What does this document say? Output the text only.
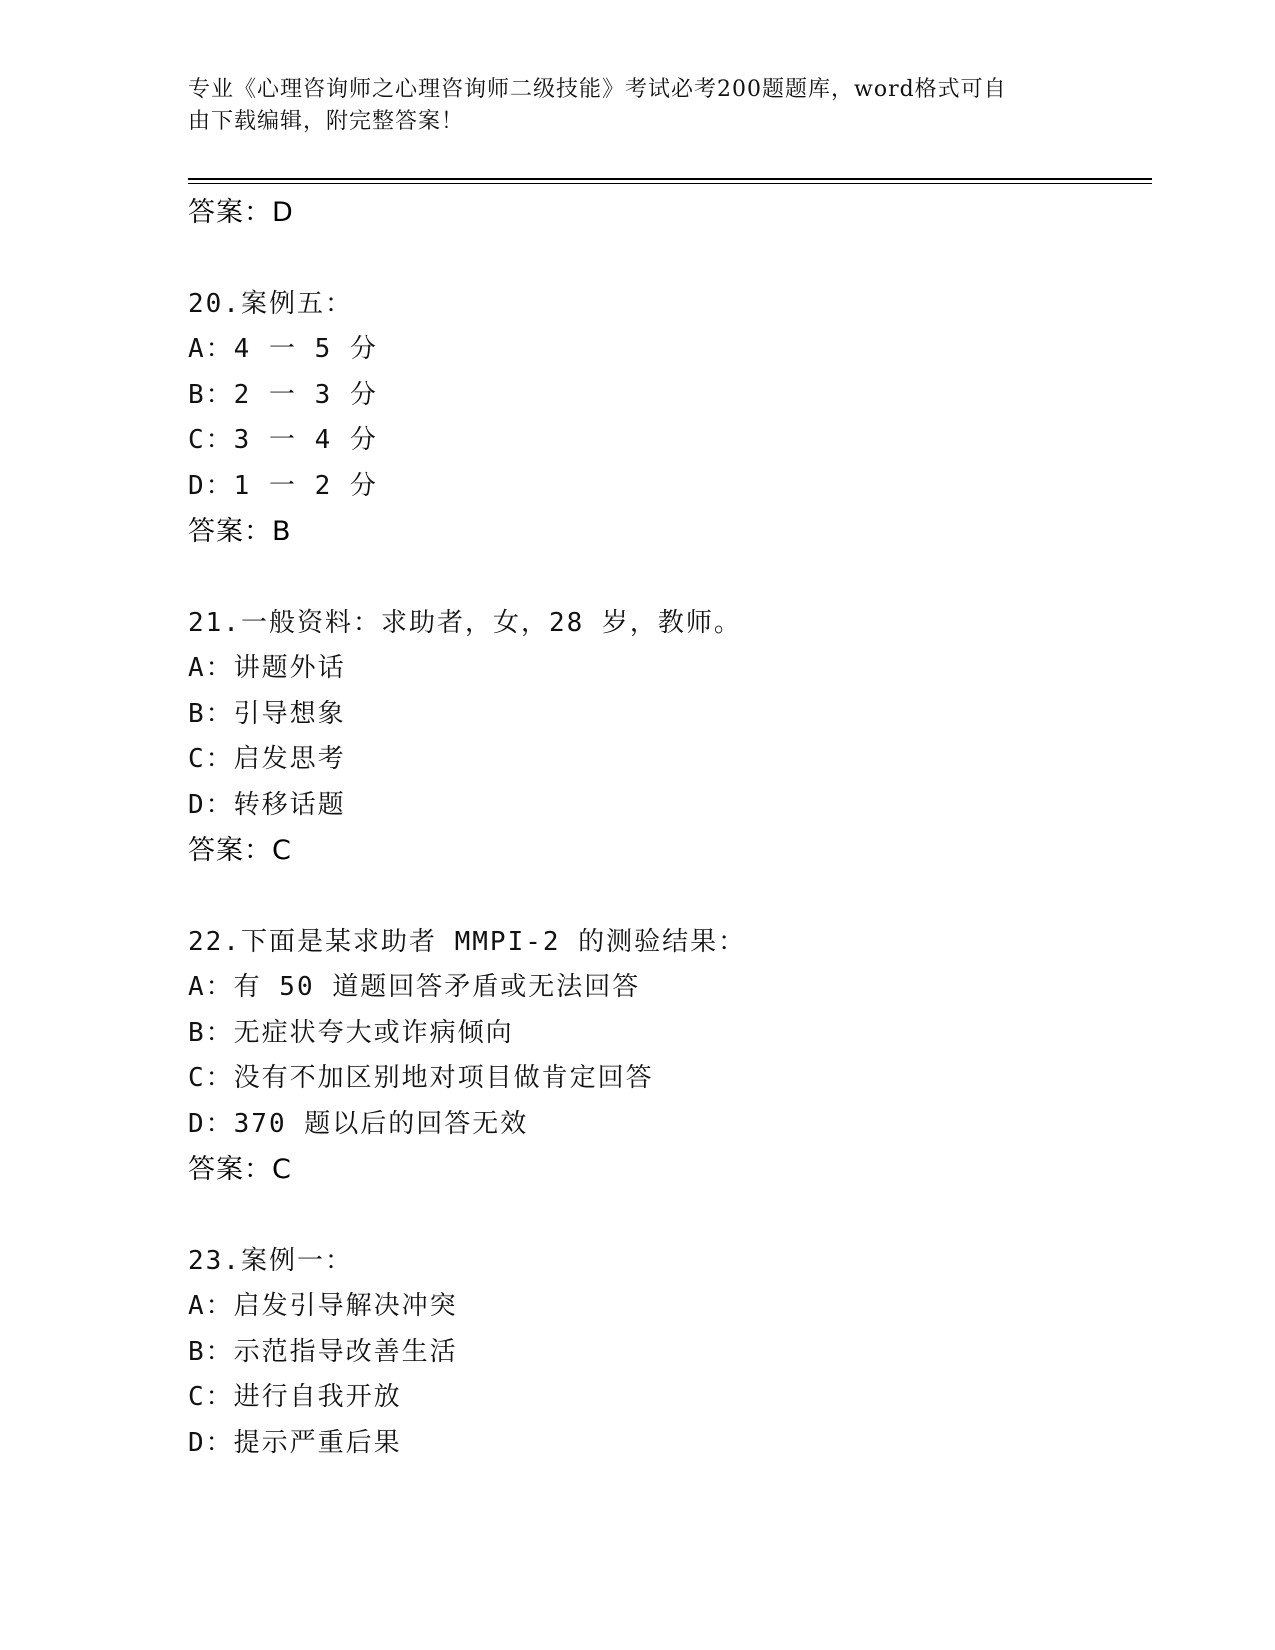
专业《心理咨询师之心理咨询师二级技能》考试必考200题题库，word格式可自
由下载编辑，附完整答案！
答案：D
20.案例五：
A：4 一 5 分
B：2 一 3 分
C：3 一 4 分
D：1 一 2 分
答案：B
21.一般资料：求助者，女，28 岁，教师。
A：讲题外话
B：引导想象
C：启发思考
D：转移话题
答案：C
22.下面是某求助者 MMPI-2 的测验结果：
A：有 50 道题回答矛盾或无法回答
B：无症状夸大或诈病倾向
C：没有不加区别地对项目做肯定回答
D：370 题以后的回答无效
答案：C
23.案例一：
A：启发引导解决冲突
B：示范指导改善生活
C：进行自我开放
D：提示严重后果
